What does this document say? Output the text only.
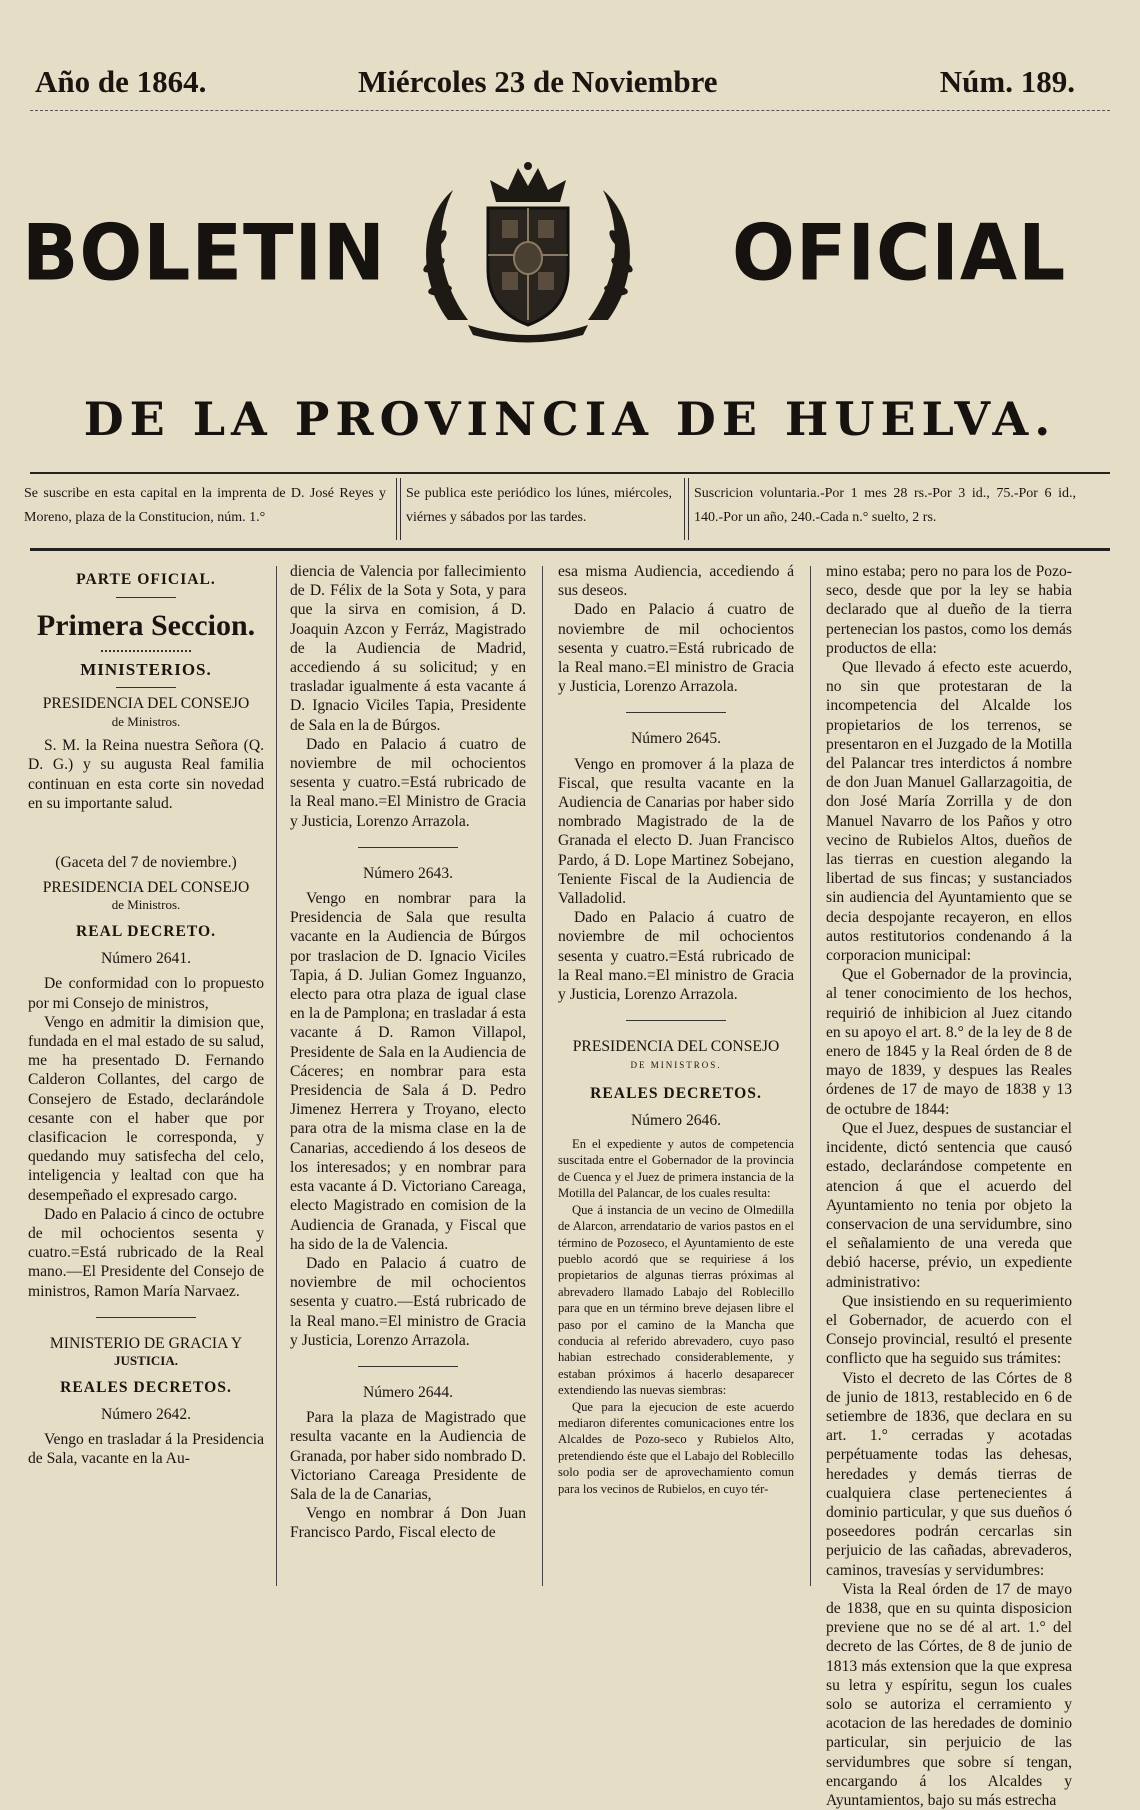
Año de 1864.	Miércoles 23 de Noviembre	Núm. 189.
BOLETIN	OFICIAL
DE LA PROVINCIA DE HUELVA.
Se suscribe en esta capital en la imprenta de D. José Reyes y Moreno, plaza de la Constitucion, núm. 1.°
Se publica este periódico los lúnes, miércoles, viérnes y sábados por las tardes.
Suscricion voluntaria.-Por 1 mes 28 rs.-Por 3 id., 75.-Por 6 id., 140.-Por un año, 240.-Cada n.° suelto, 2 rs.
PARTE OFICIAL.
Primera Seccion.
MINISTERIOS.
PRESIDENCIA DEL CONSEJO
de Ministros.

S. M. la Reina nuestra Señora (Q. D. G.) y su augusta Real familia continuan en esta corte sin novedad en su importante salud.

(Gaceta del 7 de noviembre.)
PRESIDENCIA DEL CONSEJO
de Ministros.
REAL DECRETO.
Número 2641.

De conformidad con lo propuesto por mi Consejo de ministros,

Vengo en admitir la dimision que, fundada en el mal estado de su salud, me ha presentado D. Fernando Calderon Collantes, del cargo de Consejero de Estado, declarándole cesante con el haber que por clasificacion le corresponda, y quedando muy satisfecha del celo, inteligencia y lealtad con que ha desempeñado el expresado cargo.

Dado en Palacio á cinco de octubre de mil ochocientos sesenta y cuatro.=Está rubricado de la Real mano.—El Presidente del Consejo de ministros, Ramon María Narvaez.

MINISTERIO DE GRACIA Y
JUSTICIA.
REALES DECRETOS.
Número 2642.

Vengo en trasladar á la Presidencia de Sala, vacante en la Au-

diencia de Valencia por fallecimiento de D. Félix de la Sota y Sota, y para que la sirva en comision, á D. Joaquin Azcon y Ferráz, Magistrado de la Audiencia de Madrid, accediendo á su solicitud; y en trasladar igualmente á esta vacante á D. Ignacio Viciles Tapia, Presidente de Sala en la de Búrgos.

Dado en Palacio á cuatro de noviembre de mil ochocientos sesenta y cuatro.=Está rubricado de la Real mano.=El Ministro de Gracia y Justicia, Lorenzo Arrazola.

Número 2643.

Vengo en nombrar para la Presidencia de Sala que resulta vacante en la Audiencia de Búrgos por traslacion de D. Ignacio Viciles Tapia, á D. Julian Gomez Inguanzo, electo para otra plaza de igual clase en la de Pamplona; en trasladar á esta vacante á D. Ramon Villapol, Presidente de Sala en la Audiencia de Cáceres; en nombrar para esta Presidencia de Sala á D. Pedro Jimenez Herrera y Troyano, electo para otra de la misma clase en la de Canarias, accediendo á los deseos de los interesados; y en nombrar para esta vacante á D. Victoriano Careaga, electo Magistrado en comision de la Audiencia de Granada, y Fiscal que ha sido de la de Valencia.

Dado en Palacio á cuatro de noviembre de mil ochocientos sesenta y cuatro.—Está rubricado de la Real mano.=El ministro de Gracia y Justicia, Lorenzo Arrazola.

Número 2644.

Para la plaza de Magistrado que resulta vacante en la Audiencia de Granada, por haber sido nombrado D. Victoriano Careaga Presidente de Sala de la de Canarias,

Vengo en nombrar á Don Juan Francisco Pardo, Fiscal electo de

esa misma Audiencia, accediendo á sus deseos.

Dado en Palacio á cuatro de noviembre de mil ochocientos sesenta y cuatro.=Está rubricado de la Real mano.=El ministro de Gracia y Justicia, Lorenzo Arrazola.

Número 2645.

Vengo en promover á la plaza de Fiscal, que resulta vacante en la Audiencia de Canarias por haber sido nombrado Magistrado de la de Granada el electo D. Juan Francisco Pardo, á D. Lope Martinez Sobejano, Teniente Fiscal de la Audiencia de Valladolid.

Dado en Palacio á cuatro de noviembre de mil ochocientos sesenta y cuatro.=Está rubricado de la Real mano.=El ministro de Gracia y Justicia, Lorenzo Arrazola.

PRESIDENCIA DEL CONSEJO
DE MINISTROS.
REALES DECRETOS.
Número 2646.

En el expediente y autos de competencia suscitada entre el Gobernador de la provincia de Cuenca y el Juez de primera instancia de la Motilla del Palancar, de los cuales resulta:

Que á instancia de un vecino de Olmedilla de Alarcon, arrendatario de varios pastos en el término de Pozoseco, el Ayuntamiento de este pueblo acordó que se requiriese á los propietarios de algunas tierras próximas al abrevadero llamado Labajo del Roblecillo para que en un término breve dejasen libre el paso por el camino de la Mancha que conducia al referido abrevadero, cuyo paso habian estrechado considerablemente, y estaban próximos á hacerlo desaparecer extendiendo las nuevas siembras:

Que para la ejecucion de este acuerdo mediaron diferentes comunicaciones entre los Alcaldes de Pozo-seco y Rubielos Alto, pretendiendo éste que el Labajo del Roblecillo solo podia ser de aprovechamiento comun para los vecinos de Rubielos, en cuyo tér-

mino estaba; pero no para los de Pozo-seco, desde que por la ley se habia declarado que al dueño de la tierra pertenecian los pastos, como los demás productos de ella:

Que llevado á efecto este acuerdo, no sin que protestaran de la incompetencia del Alcalde los propietarios de los terrenos, se presentaron en el Juzgado de la Motilla del Palancar tres interdictos á nombre de don Juan Manuel Gallarzagoitia, de don José María Zorrilla y de don Manuel Navarro de los Paños y otro vecino de Rubielos Altos, dueños de las tierras en cuestion alegando la libertad de sus fincas; y sustanciados sin audiencia del Ayuntamiento que se decia despojante recayeron, en ellos autos restitutorios condenando á la corporacion municipal:

Que el Gobernador de la provincia, al tener conocimiento de los hechos, requirió de inhibicion al Juez citando en su apoyo el art. 8.° de la ley de 8 de enero de 1845 y la Real órden de 8 de mayo de 1839, y despues las Reales órdenes de 17 de mayo de 1838 y 13 de octubre de 1844:

Que el Juez, despues de sustanciar el incidente, dictó sentencia que causó estado, declarándose competente en atencion á que el acuerdo del Ayuntamiento no tenia por objeto la conservacion de una servidumbre, sino el señalamiento de una vereda que debió hacerse, prévio, un expediente administrativo:

Que insistiendo en su requerimiento el Gobernador, de acuerdo con el Consejo provincial, resultó el presente conflicto que ha seguido sus trámites:

Visto el decreto de las Córtes de 8 de junio de 1813, restablecido en 6 de setiembre de 1836, que declara en su art. 1.° cerradas y acotadas perpétuamente todas las dehesas, heredades y demás tierras de cualquiera clase pertenecientes á dominio particular, y que sus dueños ó poseedores podrán cercarlas sin perjuicio de las cañadas, abrevaderos, caminos, travesías y servidumbres:

Vista la Real órden de 17 de mayo de 1838, que en su quinta disposicion previene que no se dé al art. 1.° del decreto de las Córtes, de 8 de junio de 1813 más extension que la que expresa su letra y espíritu, segun los cuales solo se autoriza el cerramiento y acotacion de las heredades de dominio particular, sin perjuicio de las servidumbres que sobre sí tengan, encargando á los Alcaldes y Ayuntamientos, bajo su más estrecha
